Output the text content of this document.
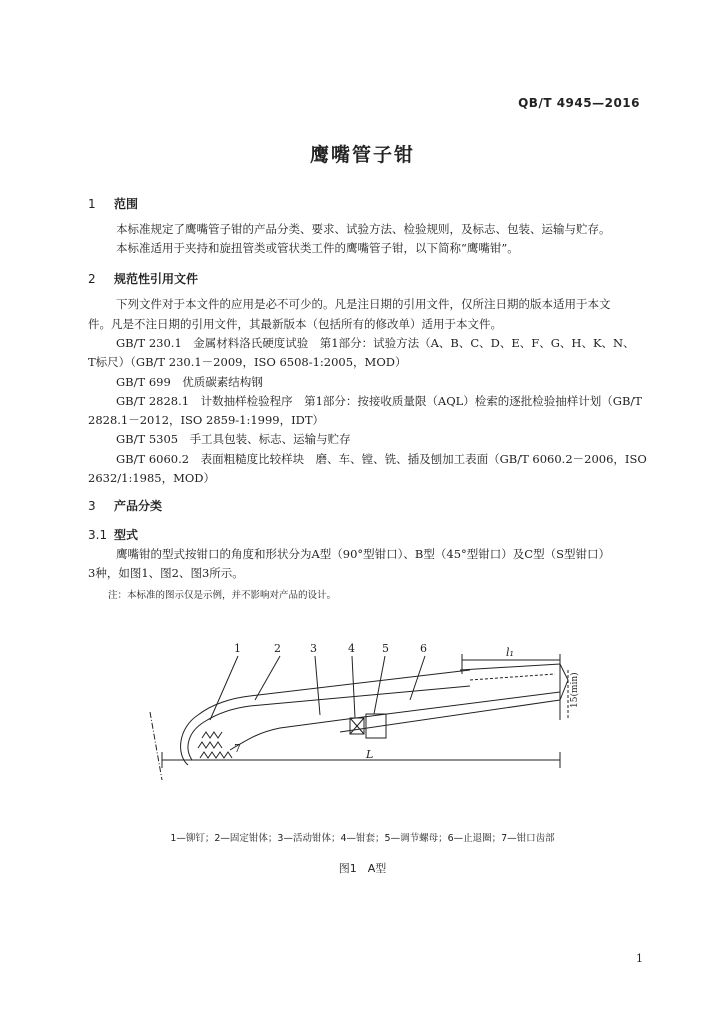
QB/T 4945—2016
鹰嘴管子钳
1 范围
本标准规定了鹰嘴管子钳的产品分类、要求、试验方法、检验规则，及标志、包装、运输与贮存。
本标准适用于夹持和旋扭管类或管状类工件的鹰嘴管子钳，以下简称“鹰嘴钳”。
2 规范性引用文件
下列文件对于本文件的应用是必不可少的。凡是注日期的引用文件，仅所注日期的版本适用于本文
件。凡是不注日期的引用文件，其最新版本（包括所有的修改单）适用于本文件。
GB/T 230.1　金属材料洛氏硬度试验　第1部分：试验方法（A、B、C、D、E、F、G、H、K、N、
T标尺）（GB/T 230.1－2009，ISO 6508-1:2005，MOD）
GB/T 699　优质碳素结构钢
GB/T 2828.1　计数抽样检验程序　第1部分：按接收质量限（AQL）检索的逐批检验抽样计划（GB/T
2828.1－2012，ISO 2859-1:1999，IDT）
GB/T 5305　手工具包装、标志、运输与贮存
GB/T 6060.2　表面粗糙度比较样块　磨、车、镗、铣、插及刨加工表面（GB/T 6060.2－2006，ISO
2632/1:1985，MOD）
3 产品分类
3.1 型式
鹰嘴钳的型式按钳口的角度和形状分为A型（90°型钳口）、B型（45°型钳口）及C型（S型钳口）
3种，如图1、图2、图3所示。
注：本标准的图示仅是示例，并不影响对产品的设计。
1	2	3	4 5	6
7
l₁
L
15(min)
1—铆钉；2—固定钳体；3—活动钳体；4—钳套；5—调节螺母；6—止退圈；7—钳口齿部
图1　A型
1
